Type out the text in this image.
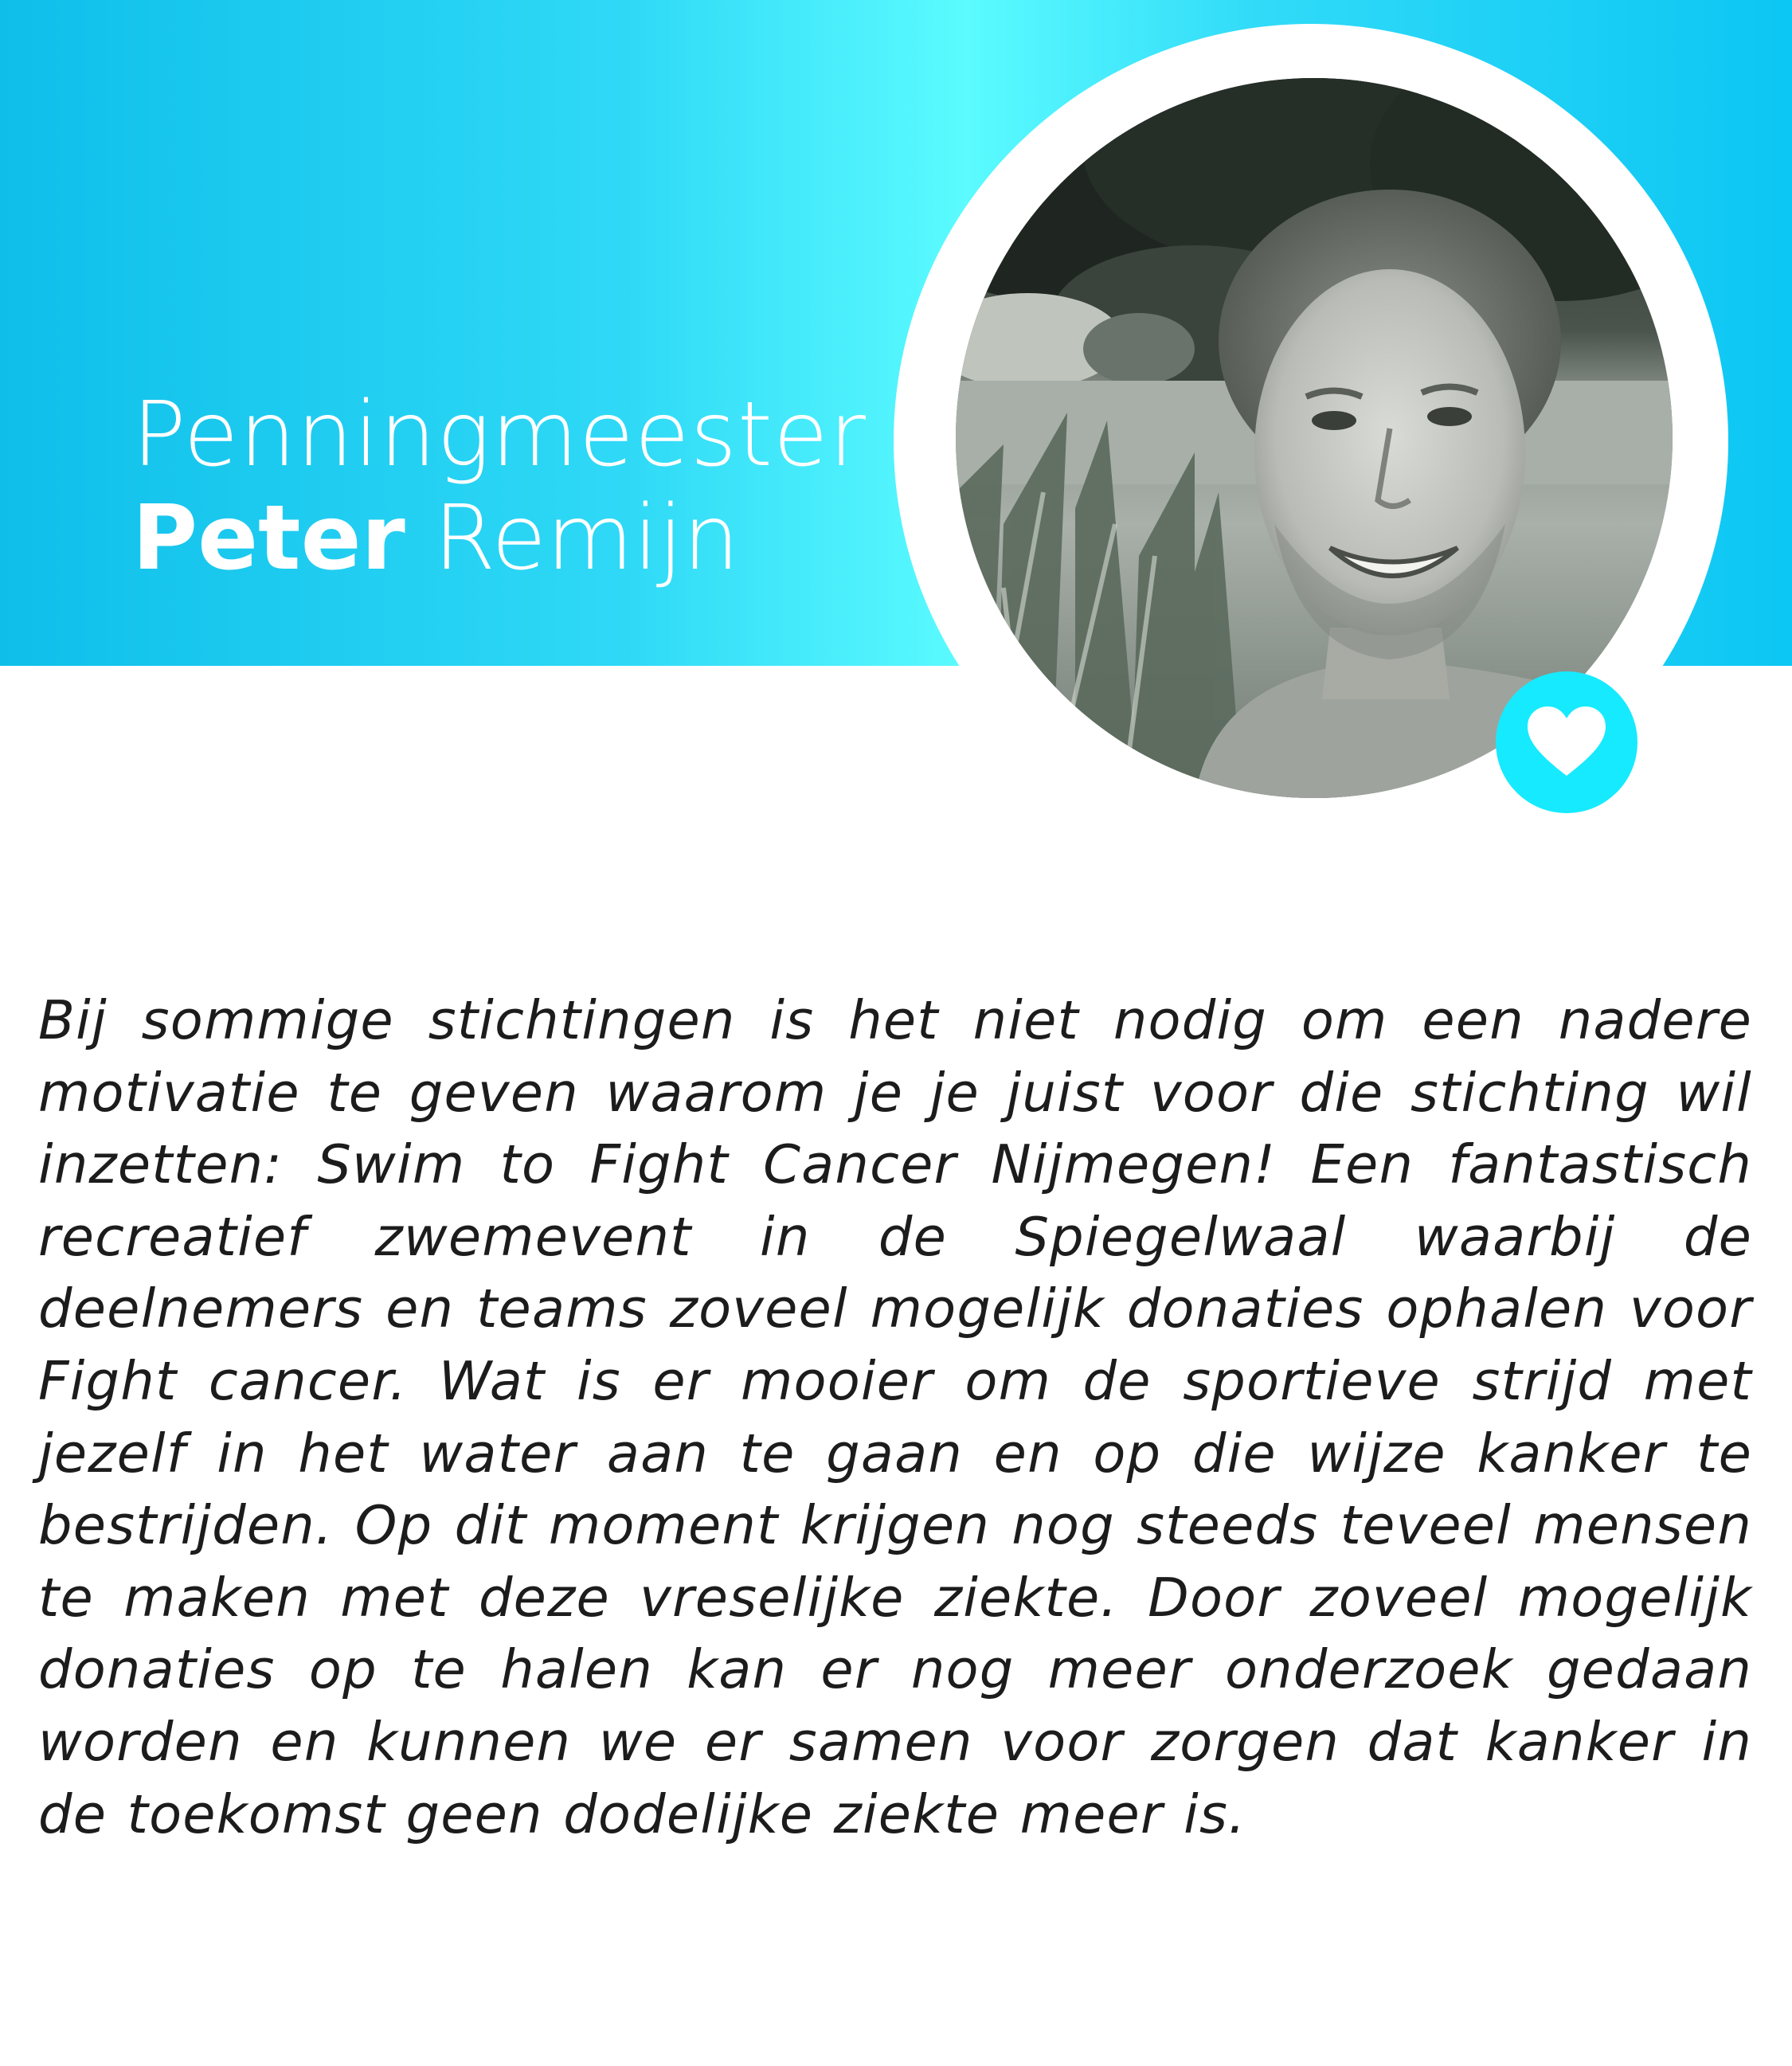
Penningmeester
Peter Remijn
Bij sommige stichtingen is het niet nodig om een nadere motivatie te geven waarom je je juist voor die stichting wil inzetten: Swim to Fight Cancer Nijmegen! Een fantastisch recreatief zwemevent in de Spiegelwaal waarbij de deelnemers en teams zoveel mogelijk donaties ophalen voor Fight cancer. Wat is er mooier om de sportieve strijd met jezelf in het water aan te gaan en op die wijze kanker te bestrijden. Op dit moment krijgen nog steeds teveel mensen te maken met deze vreselijke ziekte. Door zoveel mogelijk donaties op te halen kan er nog meer onderzoek gedaan worden en kunnen we er samen voor zorgen dat kanker in de toekomst geen dodelijke ziekte meer is.
